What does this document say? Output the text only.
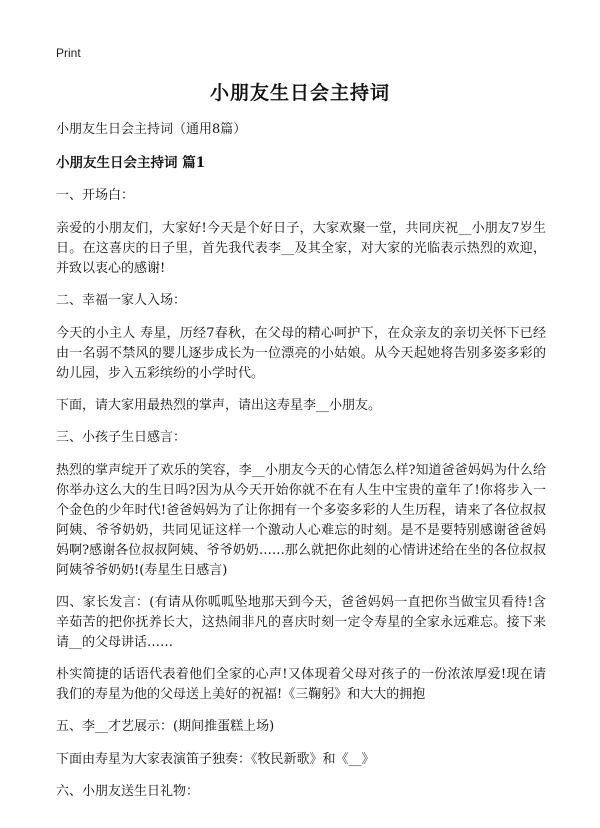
Print
小朋友生日会主持词

小朋友生日会主持词（通用8篇）

小朋友生日会主持词 篇1

一、开场白：

亲爱的小朋友们，大家好!今天是个好日子，大家欢聚一堂，共同庆祝__小朋友7岁生日。在这喜庆的日子里，首先我代表李__及其全家，对大家的光临表示热烈的欢迎，并致以衷心的感谢!

二、幸福一家人入场：

今天的小主人 寿星，历经7春秋，在父母的精心呵护下，在众亲友的亲切关怀下已经由一名弱不禁风的婴儿逐步成长为一位漂亮的小姑娘。从今天起她将告别多姿多彩的幼儿园，步入五彩缤纷的小学时代。

下面，请大家用最热烈的掌声，请出这寿星李__小朋友。

三、小孩子生日感言：

热烈的掌声绽开了欢乐的笑容，李__小朋友今天的心情怎么样?知道爸爸妈妈为什么给你举办这么大的生日吗?因为从今天开始你就不在有人生中宝贵的童年了!你将步入一个金色的少年时代!爸爸妈妈为了让你拥有一个多姿多彩的人生历程，请来了各位叔叔阿姨、爷爷奶奶，共同见证这样一个激动人心难忘的时刻。是不是要特别感谢爸爸妈妈啊?感谢各位叔叔阿姨、爷爷奶奶……那么就把你此刻的心情讲述给在坐的各位叔叔阿姨爷爷奶奶!(寿星生日感言)

四、家长发言：(有请从你呱呱坠地那天到今天，爸爸妈妈一直把你当做宝贝看待!含辛茹苦的把你抚养长大，这热闹非凡的喜庆时刻一定令寿星的全家永远难忘。接下来请__的父母讲话……

朴实简捷的话语代表着他们全家的心声!又体现着父母对孩子的一份浓浓厚爱!现在请我们的寿星为他的父母送上美好的祝福!《三鞠躬》和大大的拥抱

五、李__才艺展示：(期间推蛋糕上场)

下面由寿星为大家表演笛子独奏：《牧民新歌》和《__》

六、小朋友送生日礼物：
